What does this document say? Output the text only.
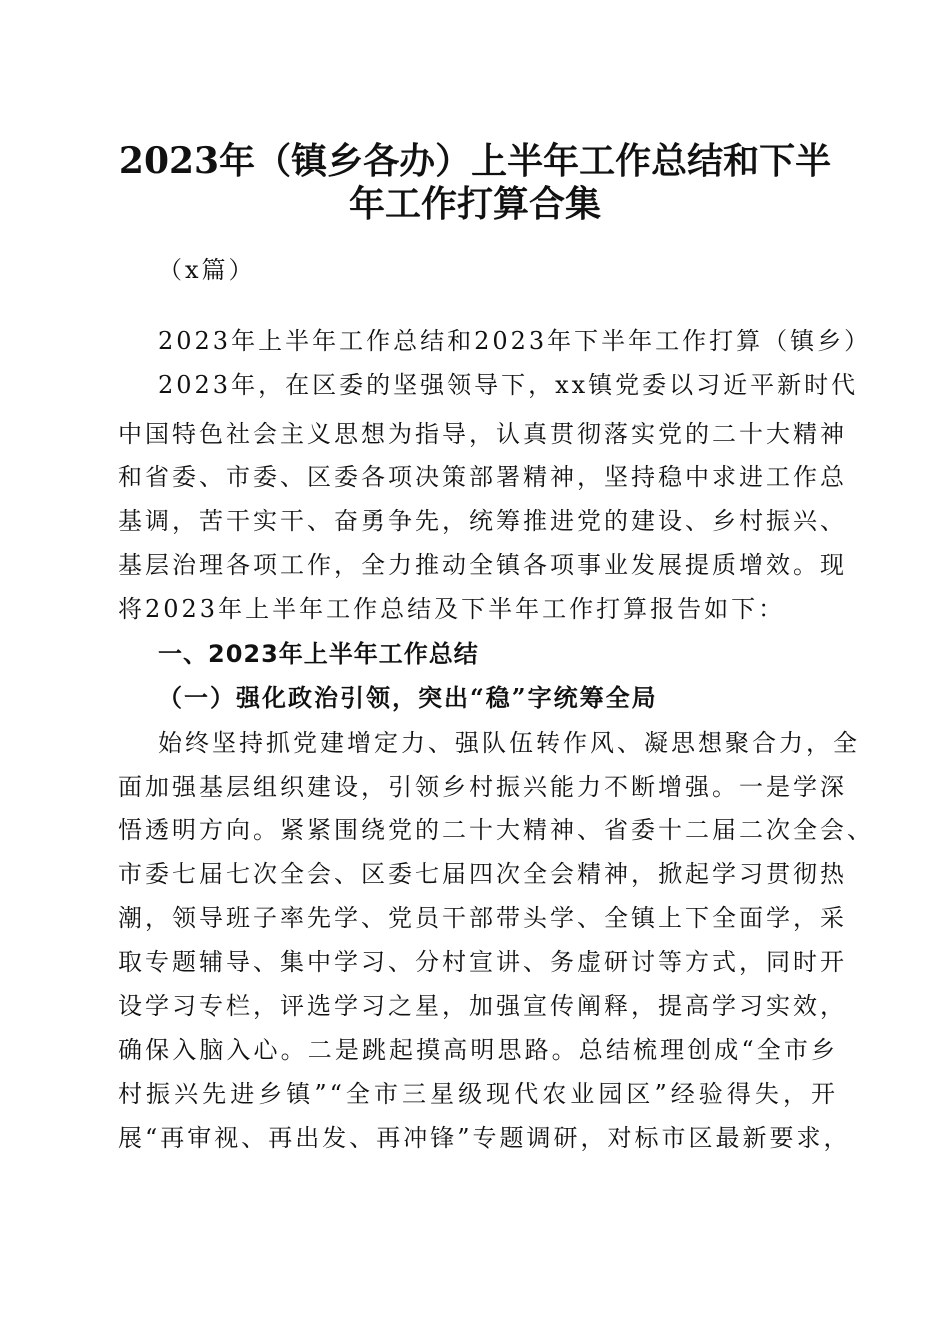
2023年（镇乡各办）上半年工作总结和下半
年工作打算合集
（x篇）
2023年上半年工作总结和2023年下半年工作打算（镇乡）
2023年，在区委的坚强领导下，xx镇党委以习近平新时代
中国特色社会主义思想为指导，认真贯彻落实党的二十大精神
和省委、市委、区委各项决策部署精神，坚持稳中求进工作总
基调，苦干实干、奋勇争先，统筹推进党的建设、乡村振兴、
基层治理各项工作，全力推动全镇各项事业发展提质增效。现
将2023年上半年工作总结及下半年工作打算报告如下：
一、2023年上半年工作总结
（一）强化政治引领，突出“稳”字统筹全局
始终坚持抓党建增定力、强队伍转作风、凝思想聚合力，全
面加强基层组织建设，引领乡村振兴能力不断增强。一是学深
悟透明方向。紧紧围绕党的二十大精神、省委十二届二次全会、
市委七届七次全会、区委七届四次全会精神，掀起学习贯彻热
潮，领导班子率先学、党员干部带头学、全镇上下全面学，采
取专题辅导、集中学习、分村宣讲、务虚研讨等方式，同时开
设学习专栏，评选学习之星，加强宣传阐释，提高学习实效，
确保入脑入心。二是跳起摸高明思路。总结梳理创成“全市乡
村振兴先进乡镇”“全市三星级现代农业园区”经验得失，开
展“再审视、再出发、再冲锋”专题调研，对标市区最新要求，
